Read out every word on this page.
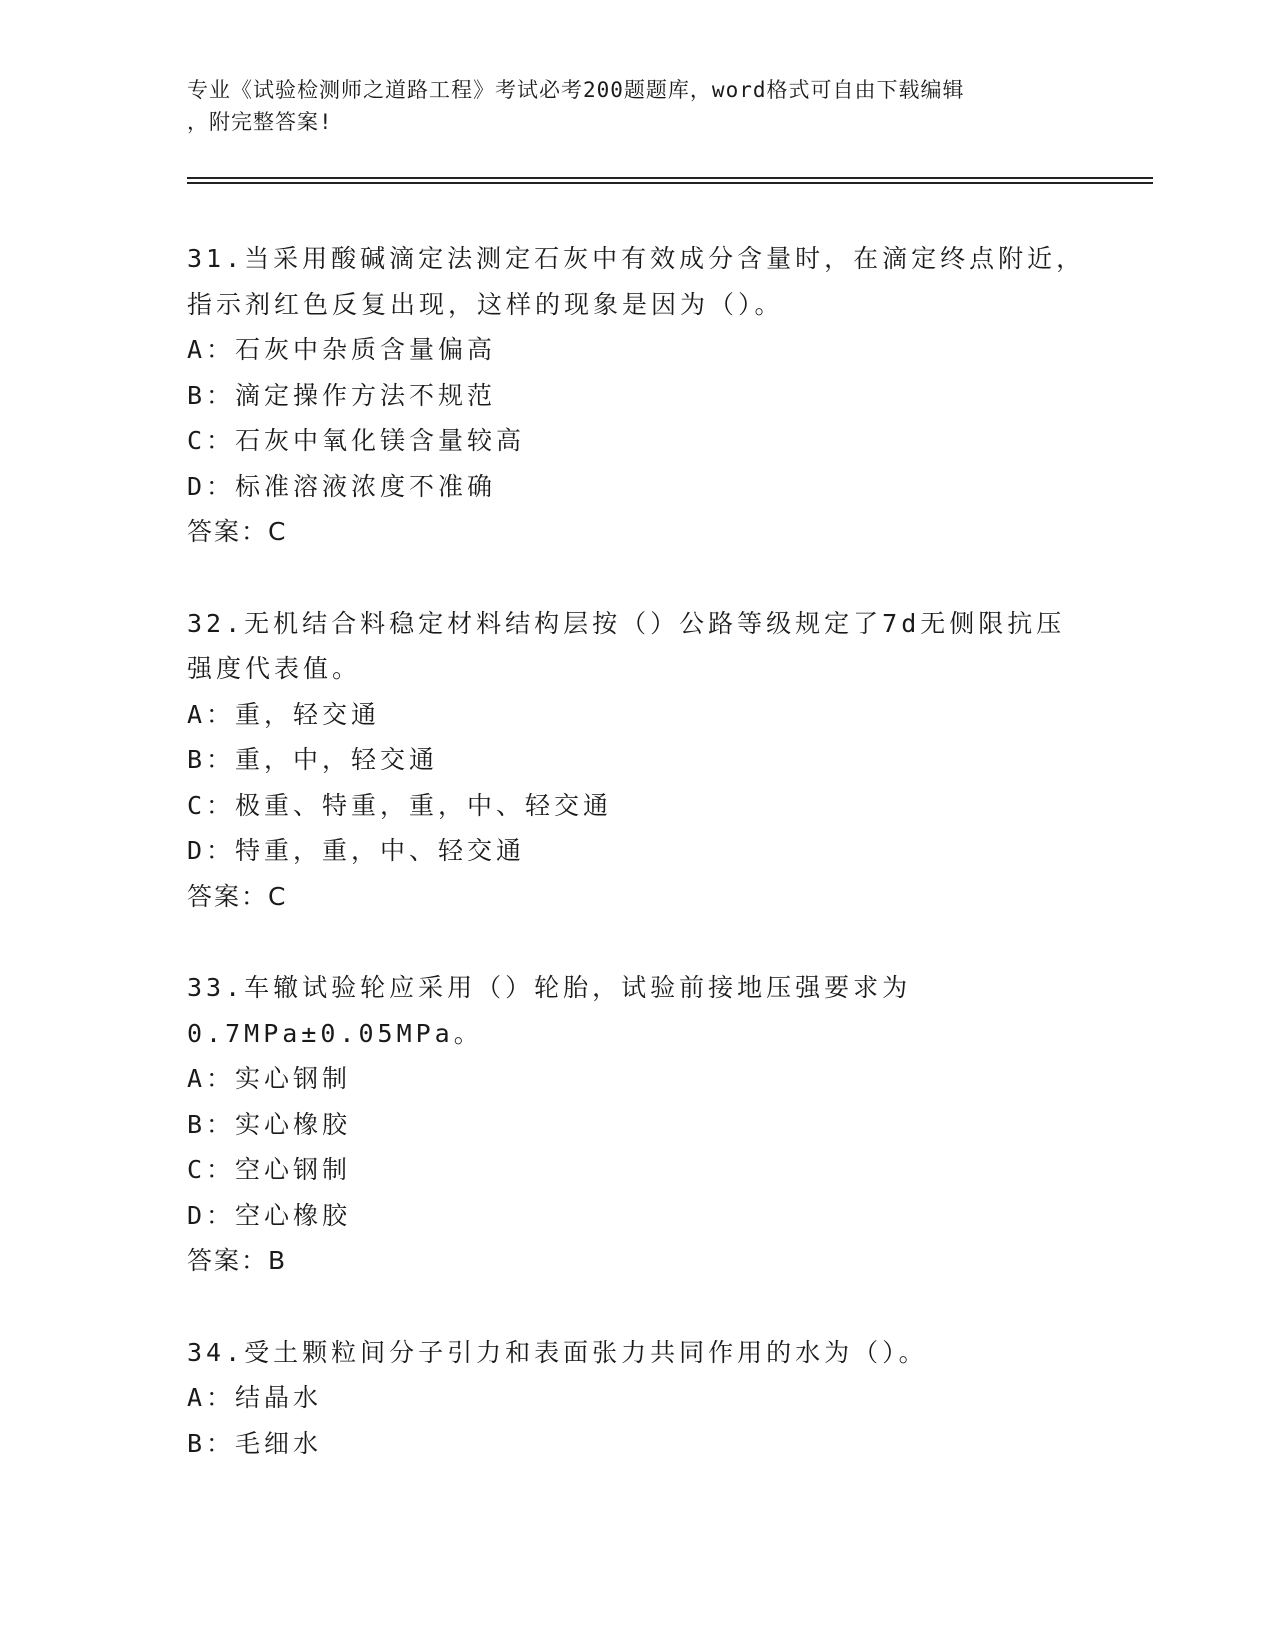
专业《试验检测师之道路工程》考试必考200题题库，word格式可自由下载编辑
，附完整答案!
31.当采用酸碱滴定法测定石灰中有效成分含量时，在滴定终点附近，
指示剂红色反复出现，这样的现象是因为（）。
A：石灰中杂质含量偏高
B：滴定操作方法不规范
C：石灰中氧化镁含量较高
D：标准溶液浓度不准确
答案：C
32.无机结合料稳定材料结构层按（）公路等级规定了7d无侧限抗压
强度代表值。
A：重，轻交通
B：重，中，轻交通
C：极重、特重，重，中、轻交通
D：特重，重，中、轻交通
答案：C
33.车辙试验轮应采用（）轮胎，试验前接地压强要求为
0.7MPa±0.05MPa。
A：实心钢制
B：实心橡胶
C：空心钢制
D：空心橡胶
答案：B
34.受土颗粒间分子引力和表面张力共同作用的水为（）。
A：结晶水
B：毛细水
